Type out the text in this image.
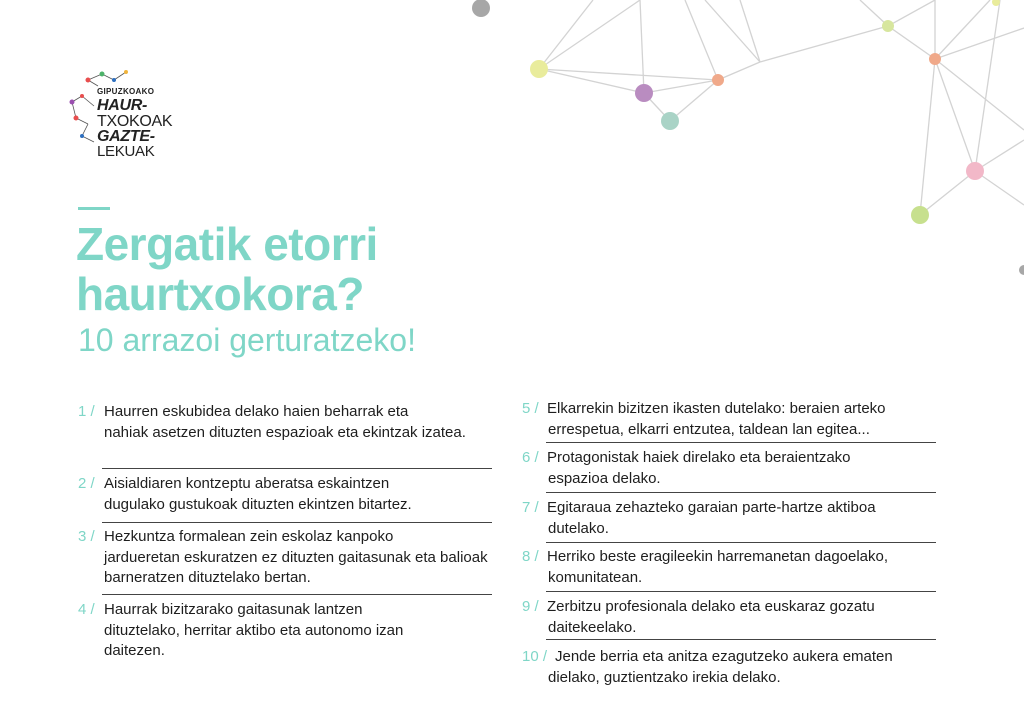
GIPUZKOAKO
HAUR-
TXOKOAK
GAZTE-
LEKUAK
Zergatik etorri
haurtxokora?
10 arrazoi gerturatzeko!
1 / Haurren eskubidea delako haien beharrak eta
nahiak asetzen dituzten espazioak eta ekintzak izatea.
2 / Aisialdiaren kontzeptu aberatsa eskaintzen
dugulako gustukoak dituzten ekintzen bitartez.
3 / Hezkuntza formalean zein eskolaz kanpoko
jardueretan eskuratzen ez dituzten gaitasunak eta balioak barneratzen dituztelako bertan.
4 / Haurrak bizitzarako gaitasunak lantzen
dituztelako, herritar aktibo eta autonomo izan daitezen.
5 / Elkarrekin bizitzen ikasten dutelako: beraien arteko
errespetua, elkarri entzutea, taldean lan egitea...
6 / Protagonistak haiek direlako eta beraientzako
espazioa delako.
7 / Egitaraua zehazteko garaian parte-hartze aktiboa
dutelako.
8 / Herriko beste eragileekin harremanetan dagoelako,
komunitatean.
9 / Zerbitzu profesionala delako eta euskaraz gozatu
daitekeelako.
10 / Jende berria eta anitza ezagutzeko aukera ematen
dielako, guztientzako irekia delako.
